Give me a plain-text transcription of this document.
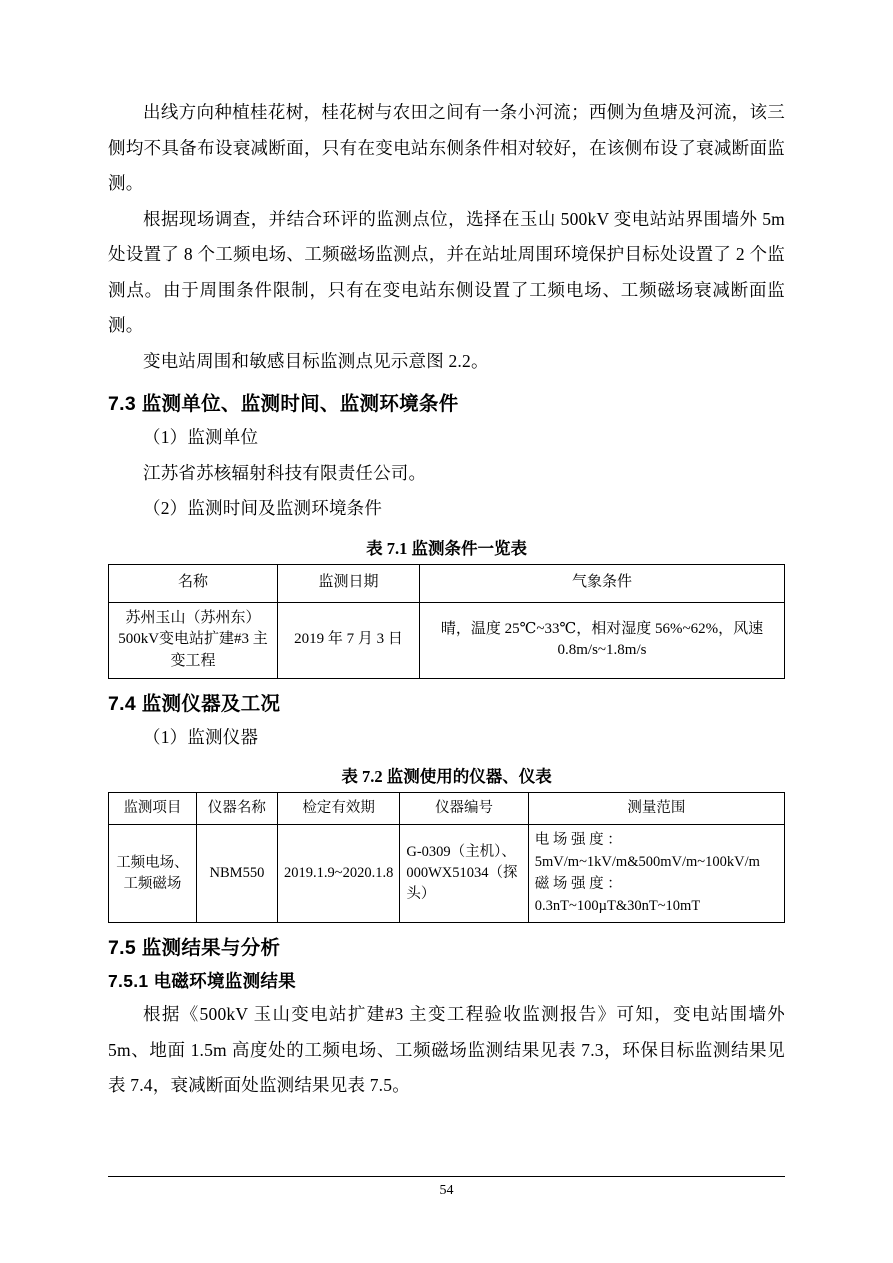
出线方向种植桂花树，桂花树与农田之间有一条小河流；西侧为鱼塘及河流，该三侧均不具备布设衰减断面，只有在变电站东侧条件相对较好，在该侧布设了衰减断面监测。

根据现场调查，并结合环评的监测点位，选择在玉山 500kV 变电站站界围墙外 5m 处设置了 8 个工频电场、工频磁场监测点，并在站址周围环境保护目标处设置了 2 个监测点。由于周围条件限制，只有在变电站东侧设置了工频电场、工频磁场衰减断面监测。

变电站周围和敏感目标监测点见示意图 2.2。

7.3 监测单位、监测时间、监测环境条件

（1）监测单位

江苏省苏核辐射科技有限责任公司。

（2）监测时间及监测环境条件

表 7.1 监测条件一览表
名称	监测日期	气象条件
苏州玉山（苏州东）500kV变电站扩建#3 主变工程	2019 年 7 月 3 日	晴，温度 25℃~33℃，相对湿度 56%~62%，风速 0.8m/s~1.8m/s
7.4 监测仪器及工况

（1）监测仪器

表 7.2 监测使用的仪器、仪表
监测项目	仪器名称	检定有效期	仪器编号	测量范围
工频电场、工频磁场	NBM550	2019.1.9~2020.1.8	G-0309（主机）、000WX51034（探头）	电 场 强 度 ：
5mV/m~1kV/m&500mV/m~100kV/m
磁 场 强 度 ：
0.3nT~100µT&30nT~10mT
7.5 监测结果与分析
7.5.1 电磁环境监测结果

根据《500kV 玉山变电站扩建#3 主变工程验收监测报告》可知，变电站围墙外 5m、地面 1.5m 高度处的工频电场、工频磁场监测结果见表 7.3，环保目标监测结果见表 7.4，衰减断面处监测结果见表 7.5。

54
